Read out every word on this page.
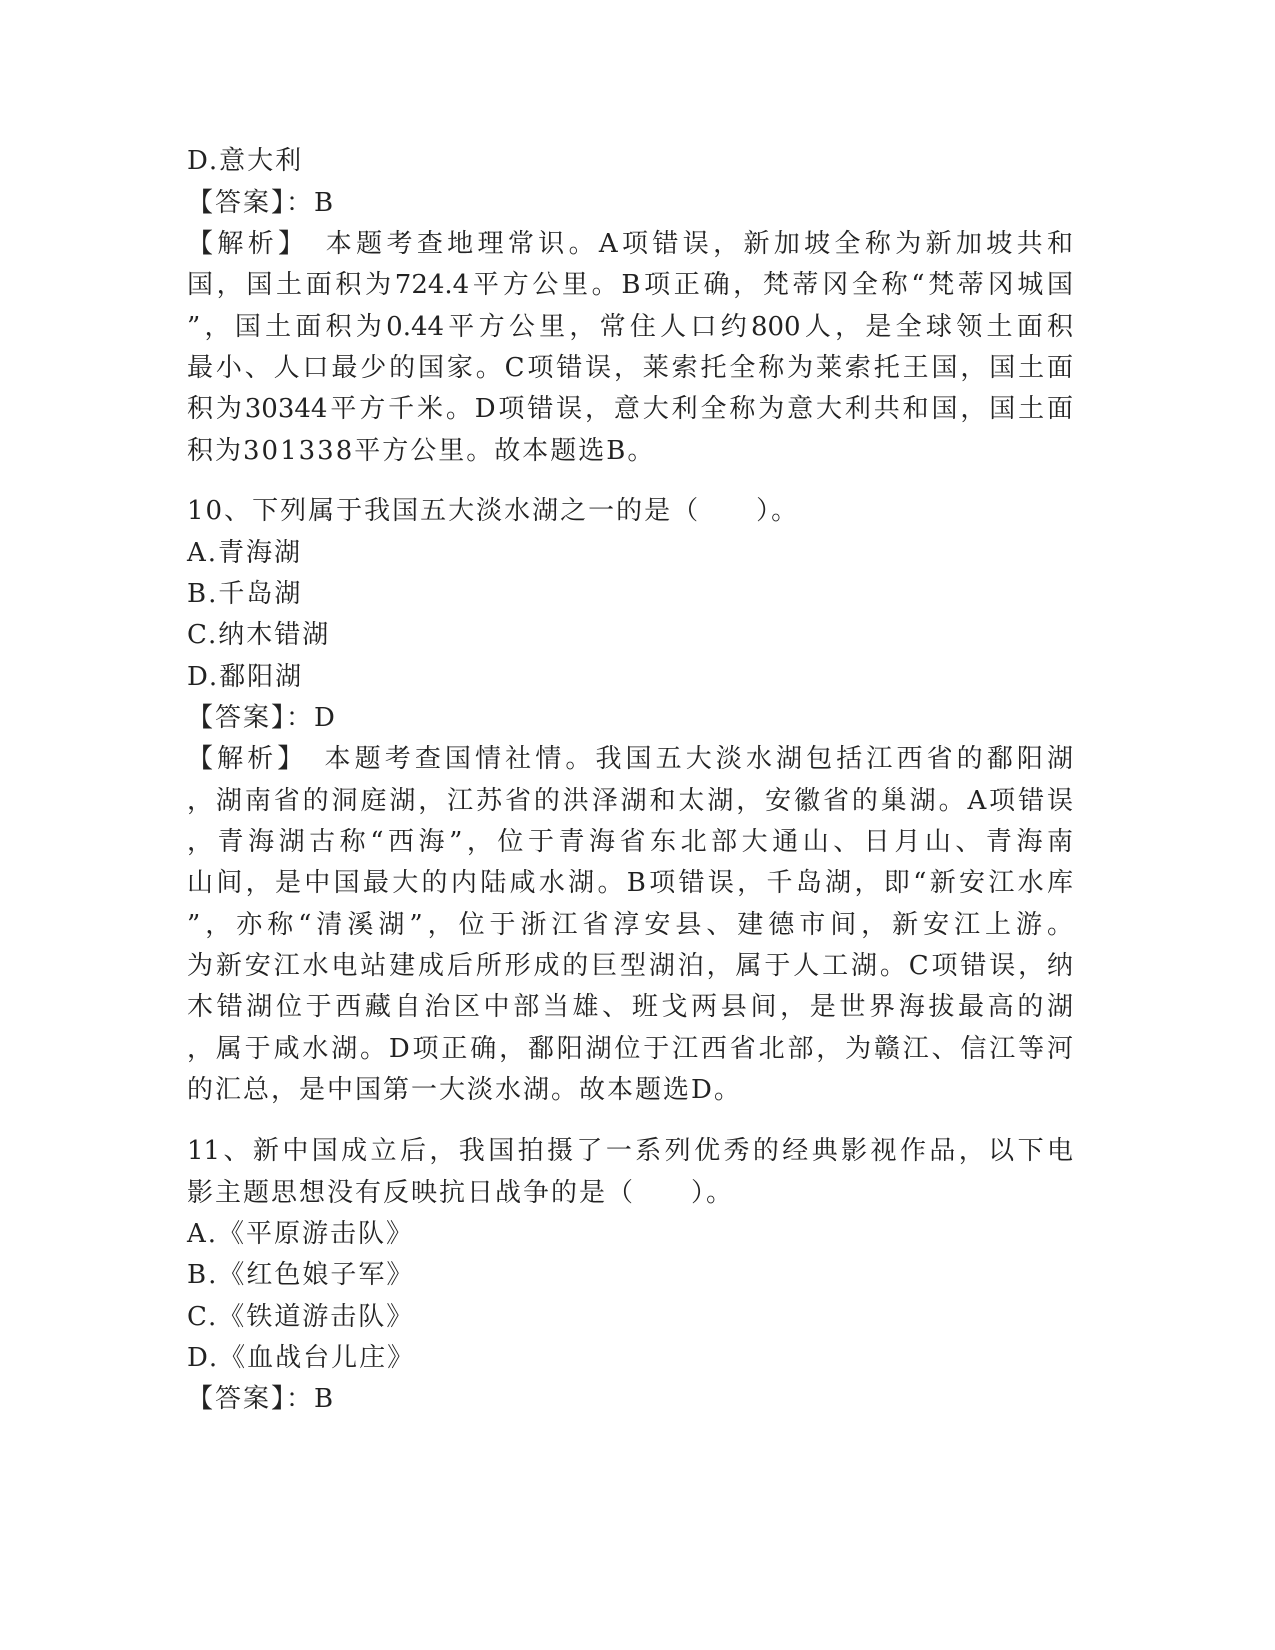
D.意大利
【答案】：B
【解析】　本题考查地理常识。A项错误，新加坡全称为新加坡共和
国，国土面积为724.4平方公里。B项正确，梵蒂冈全称“梵蒂冈城国
”，国土面积为0.44平方公里，常住人口约800人，是全球领土面积
最小、人口最少的国家。C项错误，莱索托全称为莱索托王国，国土面
积为30344平方千米。D项错误，意大利全称为意大利共和国，国土面
积为301338平方公里。故本题选B。
10、下列属于我国五大淡水湖之一的是（　　）。
A.青海湖
B.千岛湖
C.纳木错湖
D.鄱阳湖
【答案】：D
【解析】　本题考查国情社情。我国五大淡水湖包括江西省的鄱阳湖
，湖南省的洞庭湖，江苏省的洪泽湖和太湖，安徽省的巢湖。A项错误
，青海湖古称“西海”，位于青海省东北部大通山、日月山、青海南
山间，是中国最大的内陆咸水湖。B项错误，千岛湖，即“新安江水库
”，亦称“清溪湖”，位于浙江省淳安县、建德市间，新安江上游。
为新安江水电站建成后所形成的巨型湖泊，属于人工湖。C项错误，纳
木错湖位于西藏自治区中部当雄、班戈两县间，是世界海拔最高的湖
，属于咸水湖。D项正确，鄱阳湖位于江西省北部，为赣江、信江等河
的汇总，是中国第一大淡水湖。故本题选D。
11、新中国成立后，我国拍摄了一系列优秀的经典影视作品，以下电
影主题思想没有反映抗日战争的是（　　）。
A.《平原游击队》
B.《红色娘子军》
C.《铁道游击队》
D.《血战台儿庄》
【答案】：B
